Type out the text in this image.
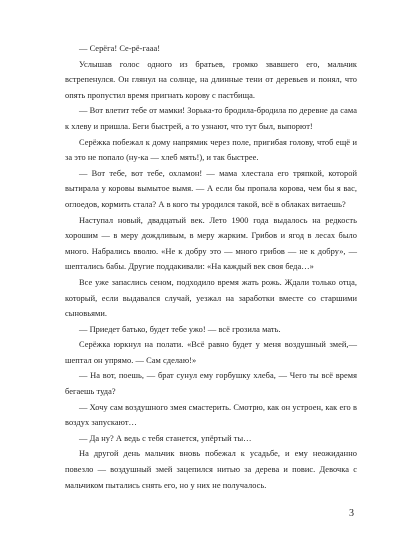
— Серёга! Се-рё-гааа!

Услышав голос одного из братьев, громко звавшего его, мальчик встрепенулся. Он глянул на солнце, на длинные тени от деревьев и понял, что опять пропустил время пригнать корову с пастбища.

— Вот влетит тебе от мамки! Зорька-то бродила-бродила по деревне да сама к хлеву и пришла. Беги быстрей, а то узнают, что тут был, выпорют!

Серёжка побежал к дому напрямик через поле, пригибая голову, чтоб ещё и за это не попало (ну-ка — хлеб мять!), и так быстрее.

— Вот тебе, вот тебе, охламон! — мама хлестала его тряпкой, которой вытирала у коровы вымытое вымя. — А если бы пропала корова, чем бы я вас, оглоедов, кормить стала? А в кого ты уродился такой, всё в облаках витаешь?

Наступал новый, двадцатый век. Лето 1900 года выдалось на редкость хорошим — в меру дождливым, в меру жарким. Грибов и ягод в лесах было много. Набрались вволю. «Не к добру это — много грибов — не к добру», — шептались бабы. Другие поддакивали: «На каждый век своя беда…»

Все уже запаслись сеном, подходило время жать рожь. Ждали только отца, который, если выдавался случай, уезжал на заработки вместе со старшими сыновьями.

— Приедет батько, будет тебе ужо! — всё грозила мать.

Серёжка юркнул на полати. «Всё равно будет у меня воздушный змей,— шептал он упрямо. — Сам сделаю!»

— На вот, поешь, — брат сунул ему горбушку хлеба, — Чего ты всё время бегаешь туда?

— Хочу сам воздушного змея смастерить. Смотрю, как он устроен, как его в воздух запускают…

— Да ну? А ведь с тебя станется, упёртый ты…

На другой день мальчик вновь побежал к усадьбе, и ему неожиданно повезло — воздушный змей зацепился нитью за дерева и повис. Девочка с мальчиком пытались снять его, но у них не получалось.

3
